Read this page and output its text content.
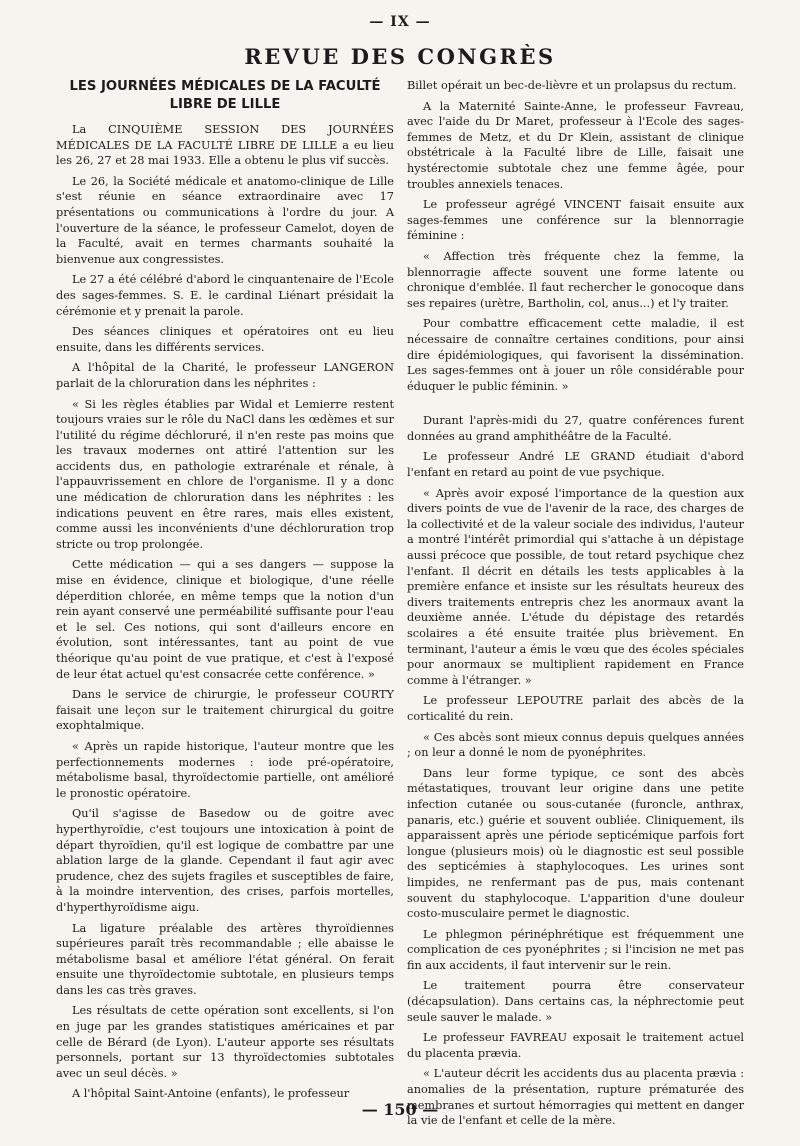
— IX —
REVUE DES CONGRÈS
LES JOURNÉES MÉDICALES DE LA FACULTÉ LIBRE DE LILLE

La CINQUIÈME SESSION DES JOURNÉES MÉDICALES DE LA FACULTÉ LIBRE DE LILLE a eu lieu les 26, 27 et 28 mai 1933. Elle a obtenu le plus vif succès.

Le 26, la Société médicale et anatomo-clinique de Lille s'est réunie en séance extraordinaire avec 17 présentations ou communications à l'ordre du jour. A l'ouverture de la séance, le professeur Camelot, doyen de la Faculté, avait en termes charmants souhaité la bienvenue aux congressistes.

Le 27 a été célébré d'abord le cinquantenaire de l'Ecole des sages-femmes. S. E. le cardinal Liénart présidait la cérémonie et y prenait la parole.

Des séances cliniques et opératoires ont eu lieu ensuite, dans les différents services.

A l'hôpital de la Charité, le professeur LANGERON parlait de la chloruration dans les néphrites :

« Si les règles établies par Widal et Lemierre restent toujours vraies sur le rôle du NaCl dans les œdèmes et sur l'utilité du régime déchloruré, il n'en reste pas moins que les travaux modernes ont attiré l'attention sur les accidents dus, en pathologie extrarénale et rénale, à l'appauvrissement en chlore de l'organisme. Il y a donc une médication de chloruration dans les néphrites : les indications peuvent en être rares, mais elles existent, comme aussi les inconvénients d'une déchloruration trop stricte ou trop prolongée.

Cette médication — qui a ses dangers — suppose la mise en évidence, clinique et biologique, d'une réelle déperdition chlorée, en même temps que la notion d'un rein ayant conservé une perméabilité suffisante pour l'eau et le sel. Ces notions, qui sont d'ailleurs encore en évolution, sont intéressantes, tant au point de vue théorique qu'au point de vue pratique, et c'est à l'exposé de leur état actuel qu'est consacrée cette conférence. »

Dans le service de chirurgie, le professeur COURTY faisait une leçon sur le traitement chirurgical du goitre exophtalmique.

« Après un rapide historique, l'auteur montre que les perfectionnements modernes : iode pré-opératoire, métabolisme basal, thyroïdectomie partielle, ont amélioré le pronostic opératoire.

Qu'il s'agisse de Basedow ou de goitre avec hyperthyroïdie, c'est toujours une intoxication à point de départ thyroïdien, qu'il est logique de combattre par une ablation large de la glande. Cependant il faut agir avec prudence, chez des sujets fragiles et susceptibles de faire, à la moindre intervention, des crises, parfois mortelles, d'hyperthyroïdisme aigu.

La ligature préalable des artères thyroïdiennes supérieures paraît très recommandable ; elle abaisse le métabolisme basal et améliore l'état général. On ferait ensuite une thyroïdectomie subtotale, en plusieurs temps dans les cas très graves.

Les résultats de cette opération sont excellents, si l'on en juge par les grandes statistiques américaines et par celle de Bérard (de Lyon). L'auteur apporte ses résultats personnels, portant sur 13 thyroïdectomies subtotales avec un seul décès. »

A l'hôpital Saint-Antoine (enfants), le professeur

Billet opérait un bec-de-lièvre et un prolapsus du rectum.

A la Maternité Sainte-Anne, le professeur Favreau, avec l'aide du Dr Maret, professeur à l'Ecole des sages-femmes de Metz, et du Dr Klein, assistant de clinique obstétricale à la Faculté libre de Lille, faisait une hystérectomie subtotale chez une femme âgée, pour troubles annexiels tenaces.

Le professeur agrégé VINCENT faisait ensuite aux sages-femmes une conférence sur la blennorragie féminine :

« Affection très fréquente chez la femme, la blennorragie affecte souvent une forme latente ou chronique d'emblée. Il faut rechercher le gonocoque dans ses repaires (urètre, Bartholin, col, anus...) et l'y traiter.

Pour combattre efficacement cette maladie, il est nécessaire de connaître certaines conditions, pour ainsi dire épidémiologiques, qui favorisent la dissémination. Les sages-femmes ont à jouer un rôle considérable pour éduquer le public féminin. »

Durant l'après-midi du 27, quatre conférences furent données au grand amphithéâtre de la Faculté.

Le professeur André LE GRAND étudiait d'abord l'enfant en retard au point de vue psychique.

« Après avoir exposé l'importance de la question aux divers points de vue de l'avenir de la race, des charges de la collectivité et de la valeur sociale des individus, l'auteur a montré l'intérêt primordial qui s'attache à un dépistage aussi précoce que possible, de tout retard psychique chez l'enfant. Il décrit en détails les tests applicables à la première enfance et insiste sur les résultats heureux des divers traitements entrepris chez les anormaux avant la deuxième année. L'étude du dépistage des retardés scolaires a été ensuite traitée plus brièvement. En terminant, l'auteur a émis le vœu que des écoles spéciales pour anormaux se multiplient rapidement en France comme à l'étranger. »

Le professeur LEPOUTRE parlait des abcès de la corticalité du rein.

« Ces abcès sont mieux connus depuis quelques années ; on leur a donné le nom de pyonéphrites.

Dans leur forme typique, ce sont des abcès métastatiques, trouvant leur origine dans une petite infection cutanée ou sous-cutanée (furoncle, anthrax, panaris, etc.) guérie et souvent oubliée. Cliniquement, ils apparaissent après une période septicémique parfois fort longue (plusieurs mois) où le diagnostic est seul possible des septicémies à staphylocoques. Les urines sont limpides, ne renfermant pas de pus, mais contenant souvent du staphylocoque. L'apparition d'une douleur costo-musculaire permet le diagnostic.

Le phlegmon périnéphrétique est fréquemment une complication de ces pyonéphrites ; si l'incision ne met pas fin aux accidents, il faut intervenir sur le rein.

Le traitement pourra être conservateur (décapsulation). Dans certains cas, la néphrectomie peut seule sauver le malade. »

Le professeur FAVREAU exposait le traitement actuel du placenta prævia.

« L'auteur décrit les accidents dus au placenta prævia : anomalies de la présentation, rupture prématurée des membranes et surtout hémorragies qui mettent en danger la vie de l'enfant et celle de la mère.

— 150 —
